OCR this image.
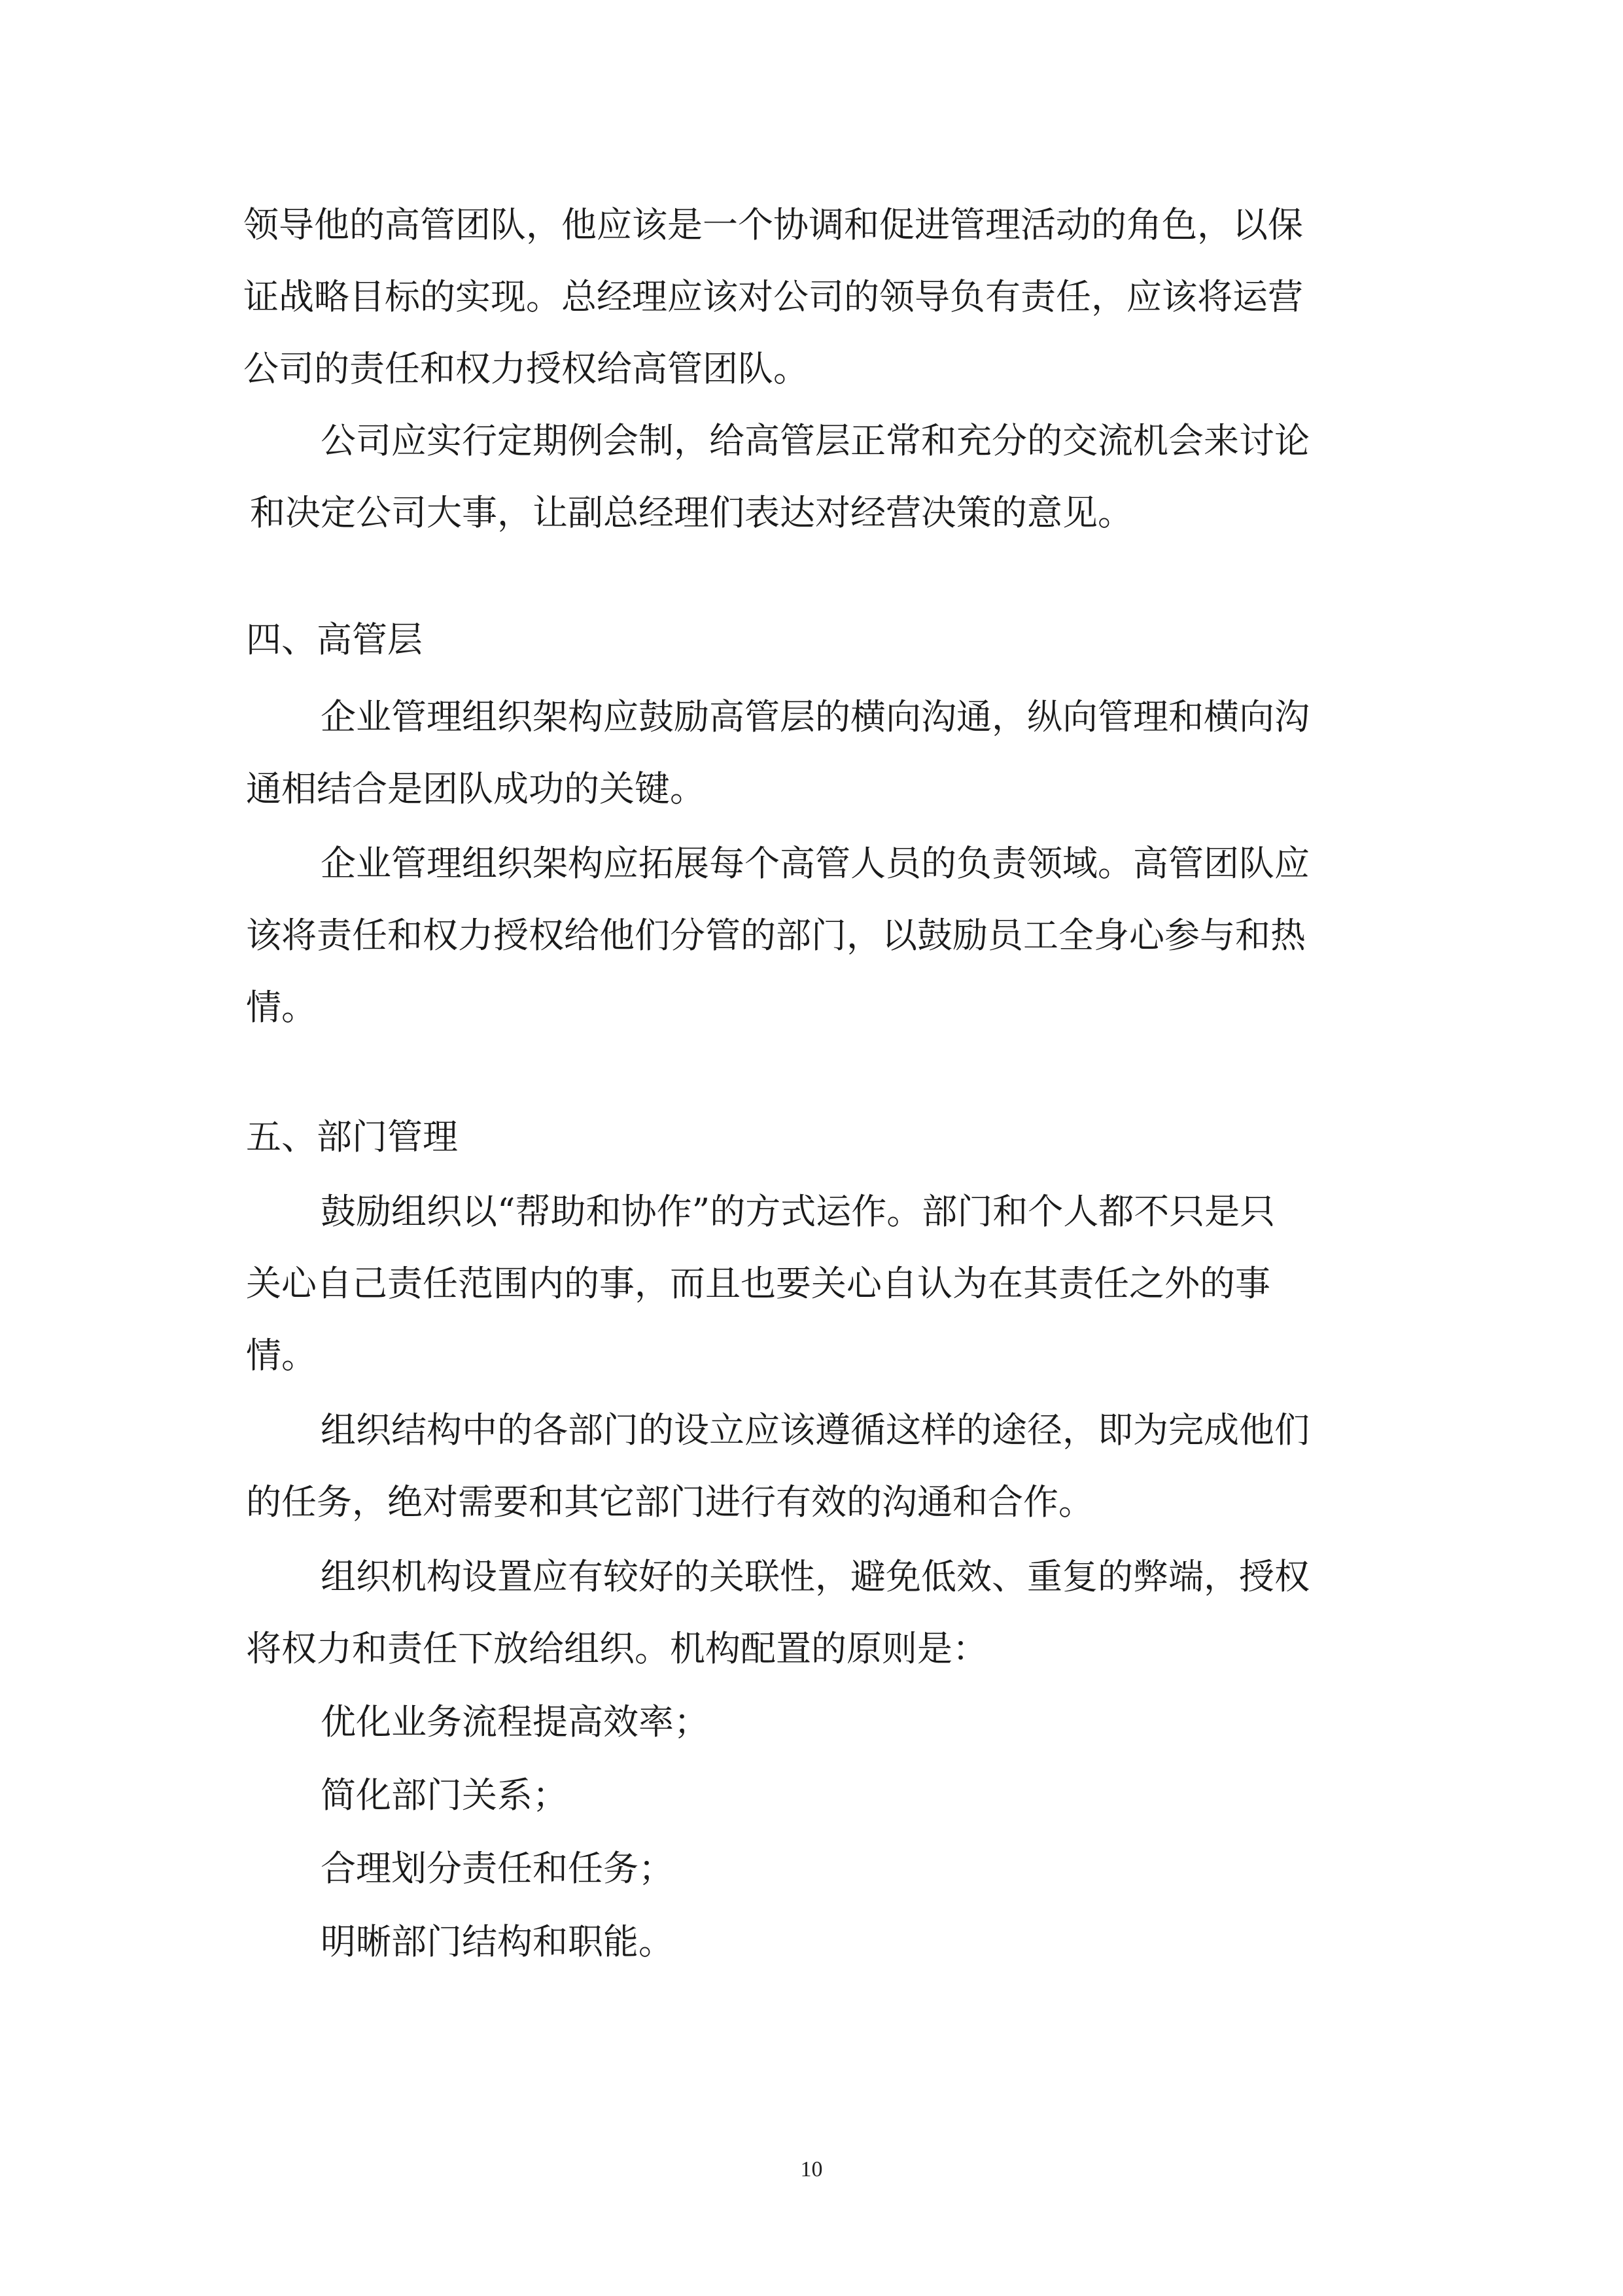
领导他的高管团队，他应该是一个协调和促进管理活动的角色，以保

证战略目标的实现。总经理应该对公司的领导负有责任，应该将运营

公司的责任和权力授权给高管团队。

公司应实行定期例会制，给高管层正常和充分的交流机会来讨论

和决定公司大事，让副总经理们表达对经营决策的意见。

四、高管层

企业管理组织架构应鼓励高管层的横向沟通，纵向管理和横向沟

通相结合是团队成功的关键。

企业管理组织架构应拓展每个高管人员的负责领域。高管团队应

该将责任和权力授权给他们分管的部门，以鼓励员工全身心参与和热

情。

五、部门管理

鼓励组织以“帮助和协作”的方式运作。部门和个人都不只是只

关心自己责任范围内的事，而且也要关心自认为在其责任之外的事

情。

组织结构中的各部门的设立应该遵循这样的途径，即为完成他们

的任务，绝对需要和其它部门进行有效的沟通和合作。

组织机构设置应有较好的关联性，避免低效、重复的弊端，授权

将权力和责任下放给组织。机构配置的原则是：

优化业务流程提高效率；

简化部门关系；

合理划分责任和任务；

明晰部门结构和职能。

10
